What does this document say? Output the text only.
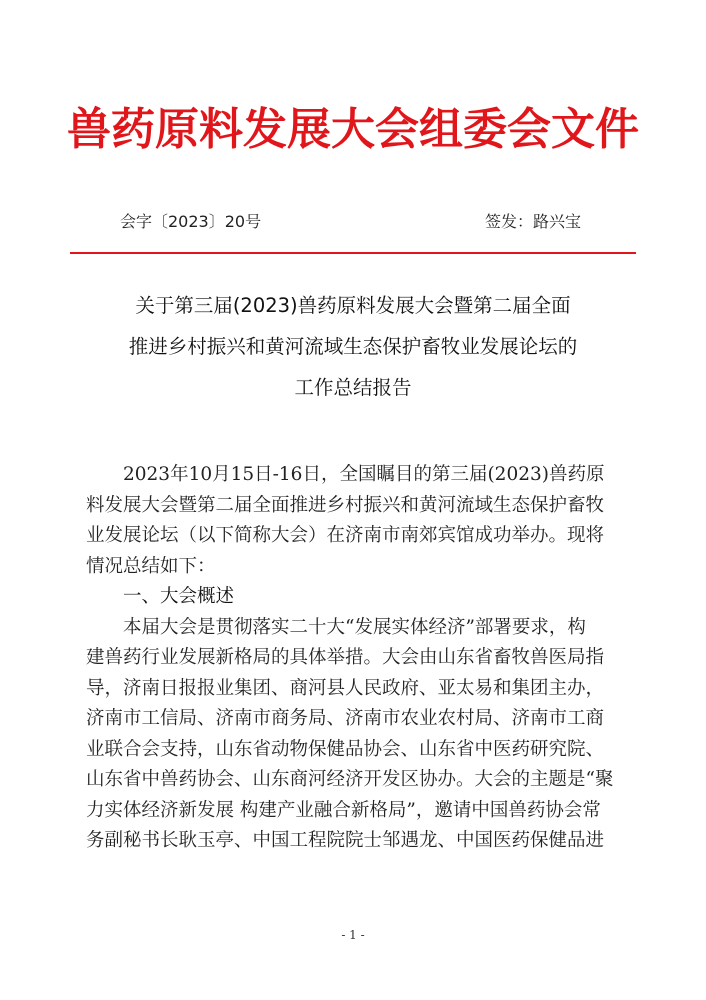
兽药原料发展大会组委会文件
会字〔2023〕20号	签发：路兴宝
关于第三届(2023)兽药原料发展大会暨第二届全面
推进乡村振兴和黄河流域生态保护畜牧业发展论坛的
工作总结报告
2023年10月15日-16日，全国瞩目的第三届(2023)兽药原
料发展大会暨第二届全面推进乡村振兴和黄河流域生态保护畜牧
业发展论坛（以下简称大会）在济南市南郊宾馆成功举办。现将
情况总结如下：
一、大会概述
本届大会是贯彻落实二十大“发展实体经济”部署要求，构
建兽药行业发展新格局的具体举措。大会由山东省畜牧兽医局指
导，济南日报报业集团、商河县人民政府、亚太易和集团主办，
济南市工信局、济南市商务局、济南市农业农村局、济南市工商
业联合会支持，山东省动物保健品协会、山东省中医药研究院、
山东省中兽药协会、山东商河经济开发区协办。大会的主题是“聚
力实体经济新发展 构建产业融合新格局”，邀请中国兽药协会常
务副秘书长耿玉亭、中国工程院院士邹遇龙、中国医药保健品进
- 1 -
